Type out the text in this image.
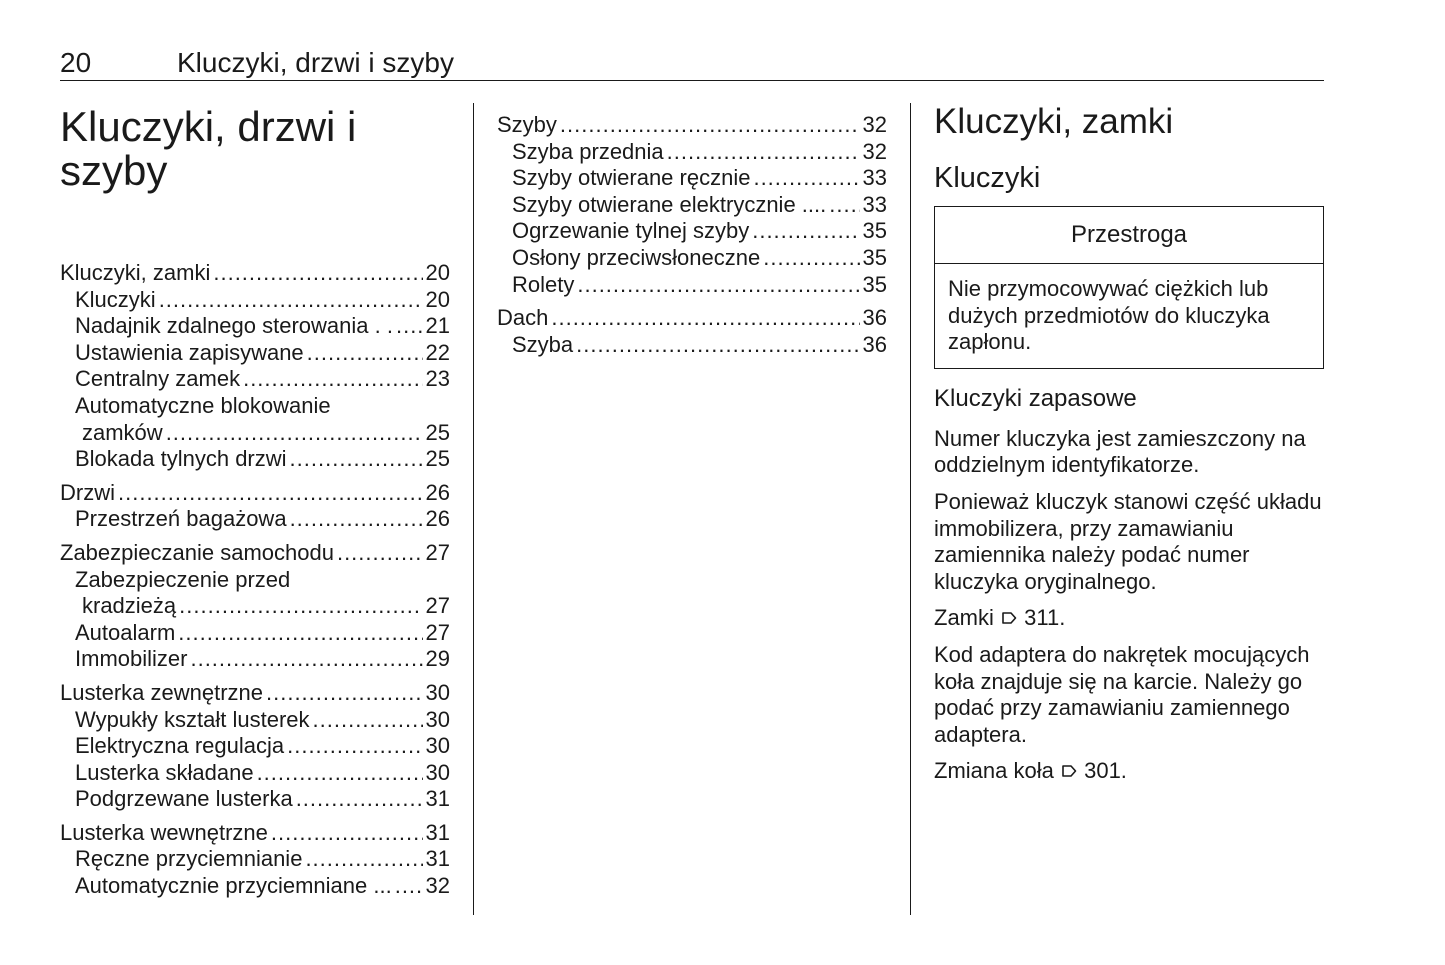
20	Kluczyki, drzwi i szyby
Kluczyki, drzwi i szyby
Kluczyki, zamki .....	20
Kluczyki .....	20
Nadajnik zdalnego sterowania . . ..... 21
Ustawienia zapisywane .....	22
Centralny zamek .....	23
Automatyczne blokowanie
zamków .....	25
Blokada tylnych drzwi .....	25
Drzwi .....	26
Przestrzeń bagażowa .....	26
Zabezpieczanie samochodu .....	27
Zabezpieczenie przed
kradzieżą .....	27
Autoalarm .....	27
Immobilizer .....	29
Lusterka zewnętrzne .....	30
Wypukły kształt lusterek .....	30
Elektryczna regulacja .....	30
Lusterka składane .....	30
Podgrzewane lusterka .....	31
Lusterka wewnętrzne .....	31
Ręczne przyciemnianie .....	31
Automatycznie przyciemniane ... ..... 32
Szyby .....	32
Szyba przednia .....	32
Szyby otwierane ręcznie .....	33
Szyby otwierane elektrycznie .... ..... 33
Ogrzewanie tylnej szyby .....	35
Osłony przeciwsłoneczne .....	35
Rolety .....	35
Dach .....	36
Szyba .....	36
Kluczyki, zamki
Kluczyki
Przestroga
Nie przymocowywać ciężkich lub dużych przedmiotów do kluczyka zapłonu.
Kluczyki zapasowe

Numer kluczyka jest zamieszczony na oddzielnym identyfikatorze.

Ponieważ kluczyk stanowi część układu immobilizera, przy zamawianiu zamiennika należy podać numer kluczyka oryginalnego.

Zamki 311.

Kod adaptera do nakrętek mocujących koła znajduje się na karcie. Należy go podać przy zamawianiu zamiennego adaptera.

Zmiana koła 301.
